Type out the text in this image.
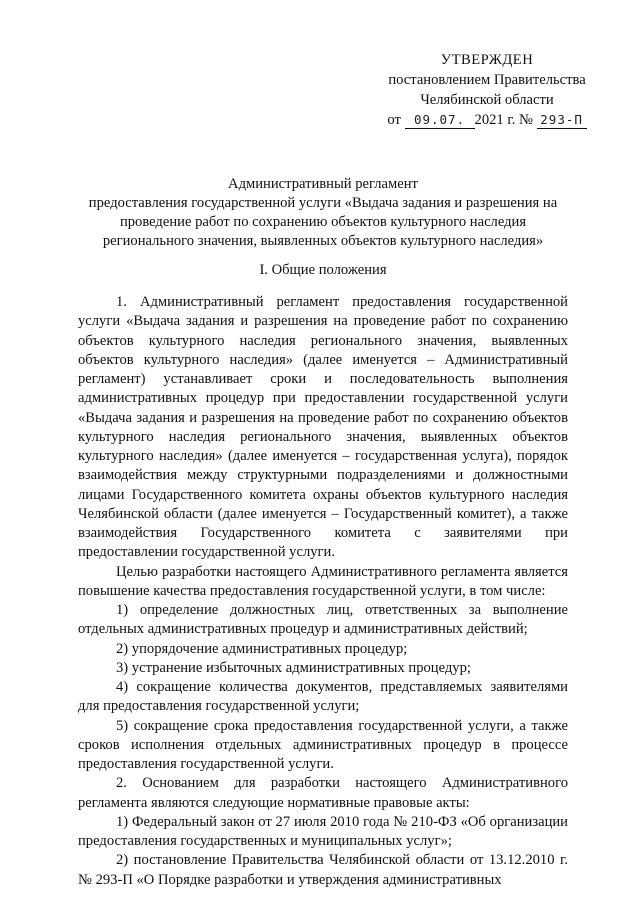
УТВЕРЖДЕН
постановлением Правительства
Челябинской области
от 09.07. 2021 г. № 293-П
Административный регламент
предоставления государственной услуги «Выдача задания и разрешения на
проведение работ по сохранению объектов культурного наследия
регионального значения, выявленных объектов культурного наследия»
I. Общие положения

1. Административный регламент предоставления государственной услуги «Выдача задания и разрешения на проведение работ по сохранению объектов культурного наследия регионального значения, выявленных объектов культурного наследия» (далее именуется – Административный регламент) устанавливает сроки и последовательность выполнения административных процедур при предоставлении государственной услуги «Выдача задания и разрешения на проведение работ по сохранению объектов культурного наследия регионального значения, выявленных объектов культурного наследия» (далее именуется – государственная услуга), порядок взаимодействия между структурными подразделениями и должностными лицами Государственного комитета охраны объектов культурного наследия Челябинской области (далее именуется – Государственный комитет), а также взаимодействия Государственного комитета с заявителями при предоставлении государственной услуги.

Целью разработки настоящего Административного регламента является повышение качества предоставления государственной услуги, в том числе:

1) определение должностных лиц, ответственных за выполнение отдельных административных процедур и административных действий;

2) упорядочение административных процедур;

3) устранение избыточных административных процедур;

4) сокращение количества документов, представляемых заявителями для предоставления государственной услуги;

5) сокращение срока предоставления государственной услуги, а также сроков исполнения отдельных административных процедур в процессе предоставления государственной услуги.

2. Основанием для разработки настоящего Административного регламента являются следующие нормативные правовые акты:

1) Федеральный закон от 27 июля 2010 года № 210-ФЗ «Об организации предоставления государственных и муниципальных услуг»;

2) постановление Правительства Челябинской области от 13.12.2010 г. № 293-П «О Порядке разработки и утверждения административных
